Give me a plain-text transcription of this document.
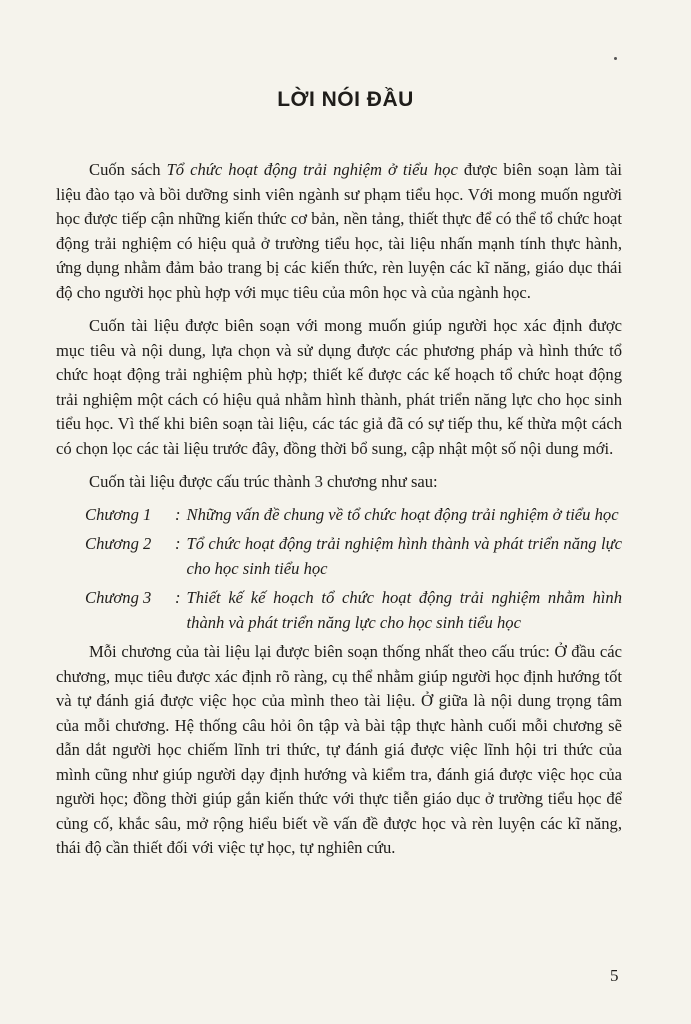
LỜI NÓI ĐẦU

Cuốn sách Tổ chức hoạt động trải nghiệm ở tiểu học được biên soạn làm tài liệu đào tạo và bồi dưỡng sinh viên ngành sư phạm tiểu học. Với mong muốn người học được tiếp cận những kiến thức cơ bản, nền tảng, thiết thực để có thể tổ chức hoạt động trải nghiệm có hiệu quả ở trường tiểu học, tài liệu nhấn mạnh tính thực hành, ứng dụng nhằm đảm bảo trang bị các kiến thức, rèn luyện các kĩ năng, giáo dục thái độ cho người học phù hợp với mục tiêu của môn học và của ngành học.

Cuốn tài liệu được biên soạn với mong muốn giúp người học xác định được mục tiêu và nội dung, lựa chọn và sử dụng được các phương pháp và hình thức tổ chức hoạt động trải nghiệm phù hợp; thiết kế được các kế hoạch tổ chức hoạt động trải nghiệm một cách có hiệu quả nhằm hình thành, phát triển năng lực cho học sinh tiểu học. Vì thế khi biên soạn tài liệu, các tác giả đã có sự tiếp thu, kế thừa một cách có chọn lọc các tài liệu trước đây, đồng thời bổ sung, cập nhật một số nội dung mới.

Cuốn tài liệu được cấu trúc thành 3 chương như sau:

Chương 1	: Những vấn đề chung về tổ chức hoạt động trải nghiệm ở tiểu học
Chương 2	: Tổ chức hoạt động trải nghiệm hình thành và phát triển năng lực cho học sinh tiểu học
Chương 3	: Thiết kế kế hoạch tổ chức hoạt động trải nghiệm nhằm hình thành và phát triển năng lực cho học sinh tiểu học

Mỗi chương của tài liệu lại được biên soạn thống nhất theo cấu trúc: Ở đầu các chương, mục tiêu được xác định rõ ràng, cụ thể nhằm giúp người học định hướng tốt và tự đánh giá được việc học của mình theo tài liệu. Ở giữa là nội dung trọng tâm của mỗi chương. Hệ thống câu hỏi ôn tập và bài tập thực hành cuối mỗi chương sẽ dẫn dắt người học chiếm lĩnh tri thức, tự đánh giá được việc lĩnh hội tri thức của mình cũng như giúp người dạy định hướng và kiểm tra, đánh giá được việc học của người học; đồng thời giúp gắn kiến thức với thực tiễn giáo dục ở trường tiểu học để củng cố, khắc sâu, mở rộng hiểu biết về vấn đề được học và rèn luyện các kĩ năng, thái độ cần thiết đối với việc tự học, tự nghiên cứu.

5
